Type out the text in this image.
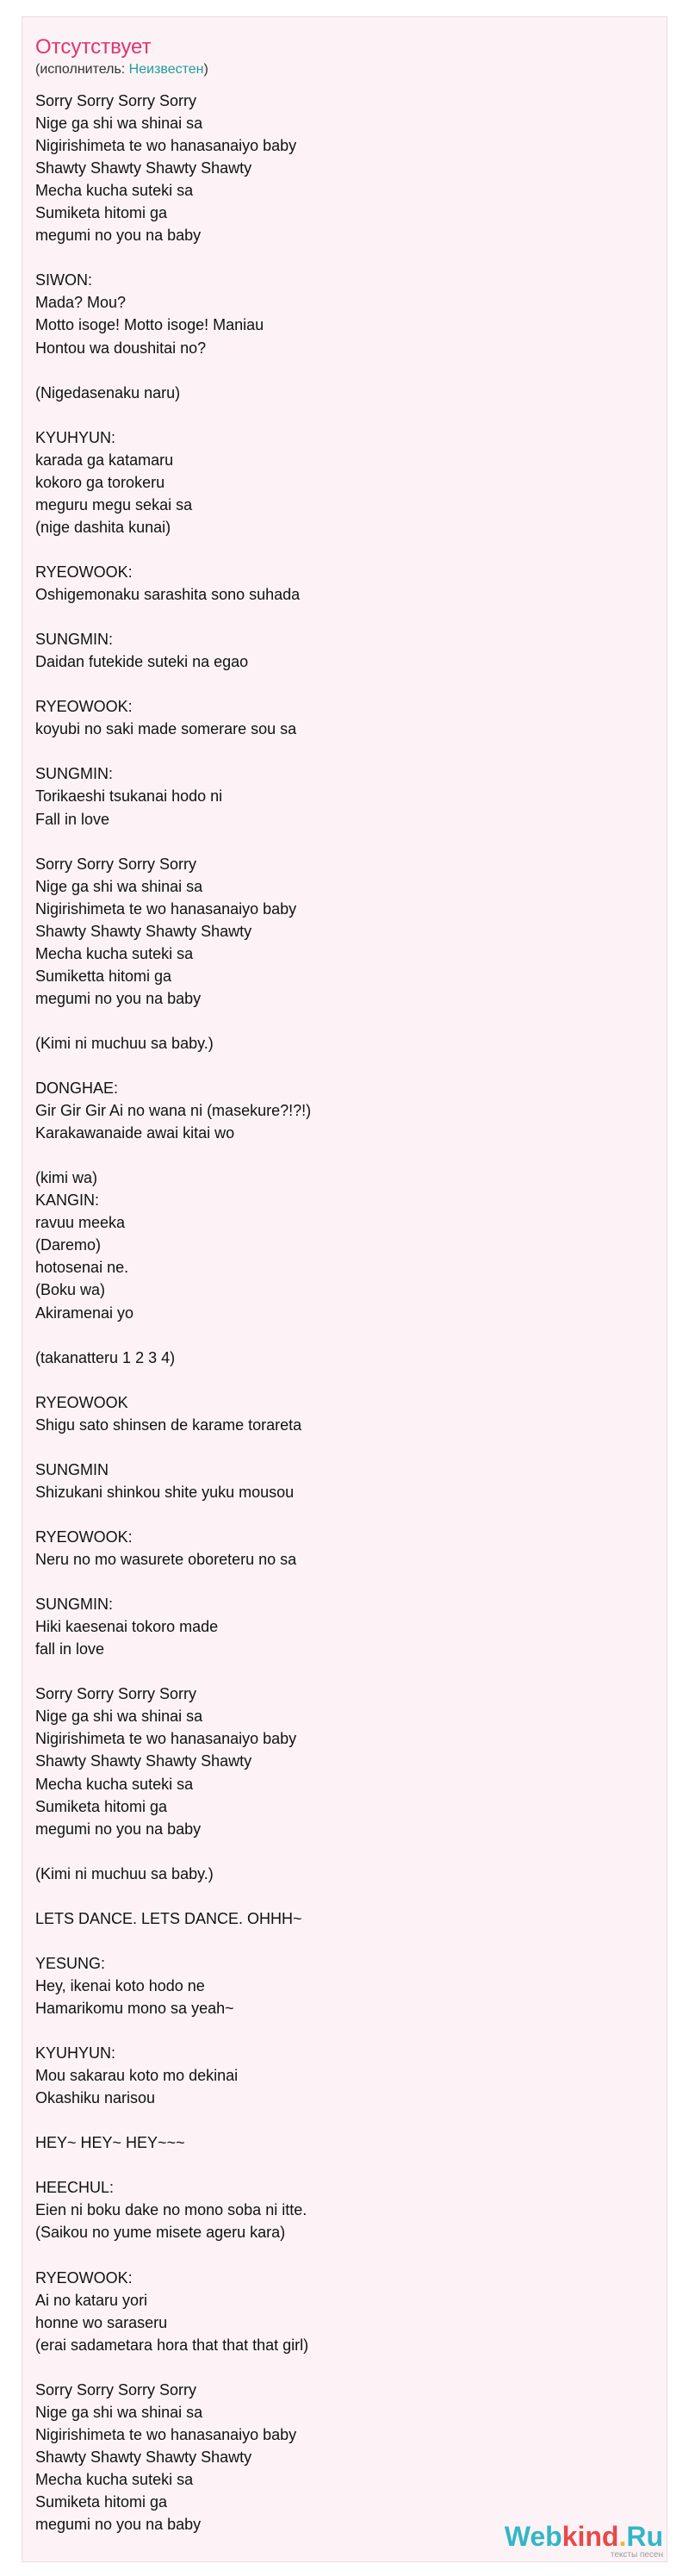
Отсутствует
(исполнитель: Неизвестен)
Sorry Sorry Sorry Sorry
Nige ga shi wa shinai sa
Nigirishimeta te wo hanasanaiyo baby
Shawty Shawty Shawty Shawty
Mecha kucha suteki sa
Sumiketa hitomi ga
megumi no you na baby
SIWON:
Mada? Mou?
Motto isoge! Motto isoge! Maniau
Hontou wa doushitai no?
(Nigedasenaku naru)
KYUHYUN:
karada ga katamaru
kokoro ga torokeru
meguru megu sekai sa
(nige dashita kunai)
RYEOWOOK:
Oshigemonaku sarashita sono suhada
SUNGMIN:
Daidan futekide suteki na egao
RYEOWOOK:
koyubi no saki made somerare sou sa
SUNGMIN:
Torikaeshi tsukanai hodo ni
Fall in love
Sorry Sorry Sorry Sorry
Nige ga shi wa shinai sa
Nigirishimeta te wo hanasanaiyo baby
Shawty Shawty Shawty Shawty
Mecha kucha suteki sa
Sumiketta hitomi ga
megumi no you na baby
(Kimi ni muchuu sa baby.)
DONGHAE:
Gir Gir Gir Ai no wana ni (masekure?!?!)
Karakawanaide awai kitai wo
(kimi wa)
KANGIN:
ravuu meeka
(Daremo)
hotosenai ne.
(Boku wa)
Akiramenai yo
(takanatteru 1 2 3 4)
RYEOWOOK
Shigu sato shinsen de karame torareta
SUNGMIN
Shizukani shinkou shite yuku mousou
RYEOWOOK:
Neru no mo wasurete oboreteru no sa
SUNGMIN:
Hiki kaesenai tokoro made
fall in love
Sorry Sorry Sorry Sorry
Nige ga shi wa shinai sa
Nigirishimeta te wo hanasanaiyo baby
Shawty Shawty Shawty Shawty
Mecha kucha suteki sa
Sumiketa hitomi ga
megumi no you na baby
(Kimi ni muchuu sa baby.)
LETS DANCE. LETS DANCE. OHHH~
YESUNG:
Hey, ikenai koto hodo ne
Hamarikomu mono sa yeah~
KYUHYUN:
Mou sakarau koto mo dekinai
Okashiku narisou
HEY~ HEY~ HEY~~~
HEECHUL:
Eien ni boku dake no mono soba ni itte.
(Saikou no yume misete ageru kara)
RYEOWOOK:
Ai no kataru yori
honne wo saraseru
(erai sadametara hora that that that girl)
Sorry Sorry Sorry Sorry
Nige ga shi wa shinai sa
Nigirishimeta te wo hanasanaiyo baby
Shawty Shawty Shawty Shawty
Mecha kucha suteki sa
Sumiketa hitomi ga
megumi no you na baby	Webkind.Ru
тексты песен
